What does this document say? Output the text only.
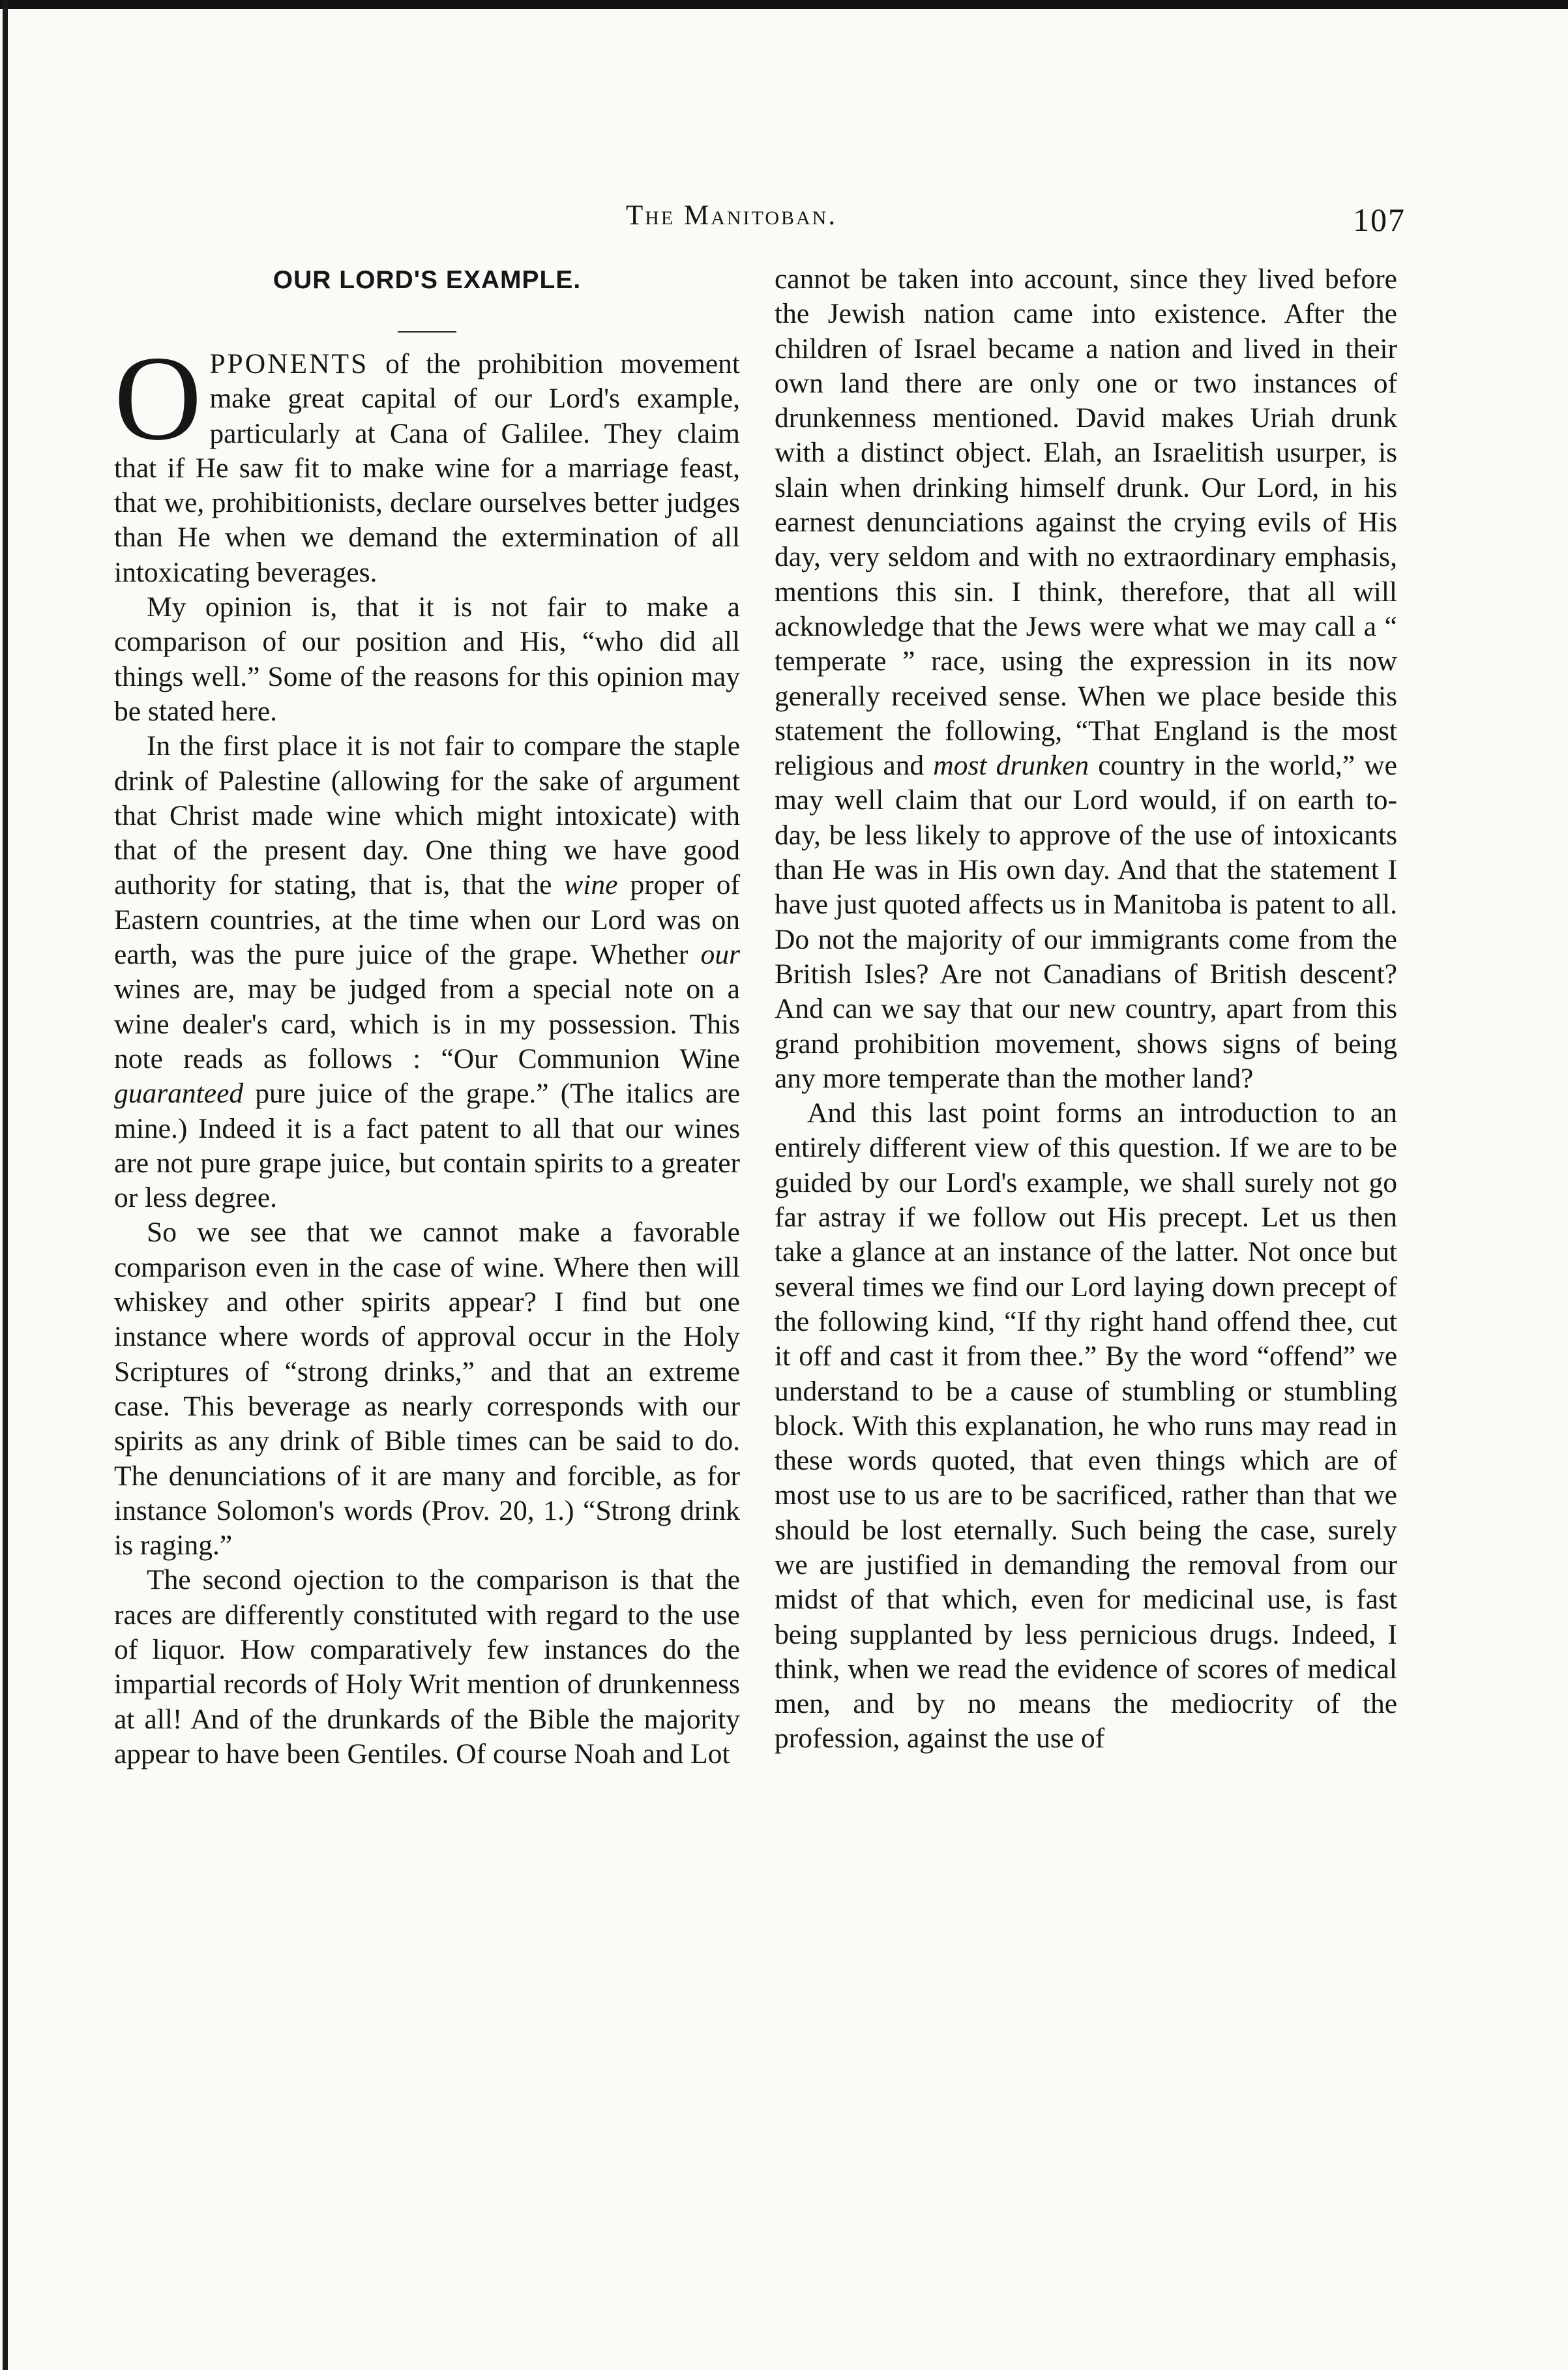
The Manitoban.	107
OUR LORD'S EXAMPLE.

OPPONENTS of the prohibition movement make great capital of our Lord's example, particularly at Cana of Galilee. They claim that if He saw fit to make wine for a marriage feast, that we, prohibitionists, declare ourselves better judges than He when we demand the extermination of all intoxicating beverages.

My opinion is, that it is not fair to make a comparison of our position and His, “who did all things well.” Some of the reasons for this opinion may be stated here.

In the first place it is not fair to compare the staple drink of Palestine (allowing for the sake of argument that Christ made wine which might intoxicate) with that of the present day. One thing we have good authority for stating, that is, that the wine proper of Eastern countries, at the time when our Lord was on earth, was the pure juice of the grape. Whether our wines are, may be judged from a special note on a wine dealer's card, which is in my possession. This note reads as follows : “Our Communion Wine guaranteed pure juice of the grape.” (The italics are mine.) Indeed it is a fact patent to all that our wines are not pure grape juice, but contain spirits to a greater or less degree.

So we see that we cannot make a favorable comparison even in the case of wine. Where then will whiskey and other spirits appear? I find but one instance where words of approval occur in the Holy Scriptures of “strong drinks,” and that an extreme case. This beverage as nearly corresponds with our spirits as any drink of Bible times can be said to do. The denunciations of it are many and forcible, as for instance Solomon's words (Prov. 20, 1.) “Strong drink is raging.”

The second ojection to the comparison is that the races are differently constituted with regard to the use of liquor. How comparatively few instances do the impartial records of Holy Writ mention of drunkenness at all! And of the drunkards of the Bible the majority appear to have been Gentiles. Of course Noah and Lot

cannot be taken into account, since they lived before the Jewish nation came into existence. After the children of Israel became a nation and lived in their own land there are only one or two instances of drunkenness mentioned. David makes Uriah drunk with a distinct object. Elah, an Israelitish usurper, is slain when drinking himself drunk. Our Lord, in his earnest denunciations against the crying evils of His day, very seldom and with no extraordinary emphasis, mentions this sin. I think, therefore, that all will acknowledge that the Jews were what we may call a “ temperate ” race, using the expression in its now generally received sense. When we place beside this statement the following, “That England is the most religious and most drunken country in the world,” we may well claim that our Lord would, if on earth to-day, be less likely to approve of the use of intoxicants than He was in His own day. And that the statement I have just quoted affects us in Manitoba is patent to all. Do not the majority of our immigrants come from the British Isles? Are not Canadians of British descent? And can we say that our new country, apart from this grand prohibition movement, shows signs of being any more temperate than the mother land?

And this last point forms an introduction to an entirely different view of this question. If we are to be guided by our Lord's example, we shall surely not go far astray if we follow out His precept. Let us then take a glance at an instance of the latter. Not once but several times we find our Lord laying down precept of the following kind, “If thy right hand offend thee, cut it off and cast it from thee.” By the word “offend” we understand to be a cause of stumbling or stumbling block. With this explanation, he who runs may read in these words quoted, that even things which are of most use to us are to be sacrificed, rather than that we should be lost eternally. Such being the case, surely we are justified in demanding the removal from our midst of that which, even for medicinal use, is fast being supplanted by less pernicious drugs. Indeed, I think, when we read the evidence of scores of medical men, and by no means the mediocrity of the profession, against the use of
